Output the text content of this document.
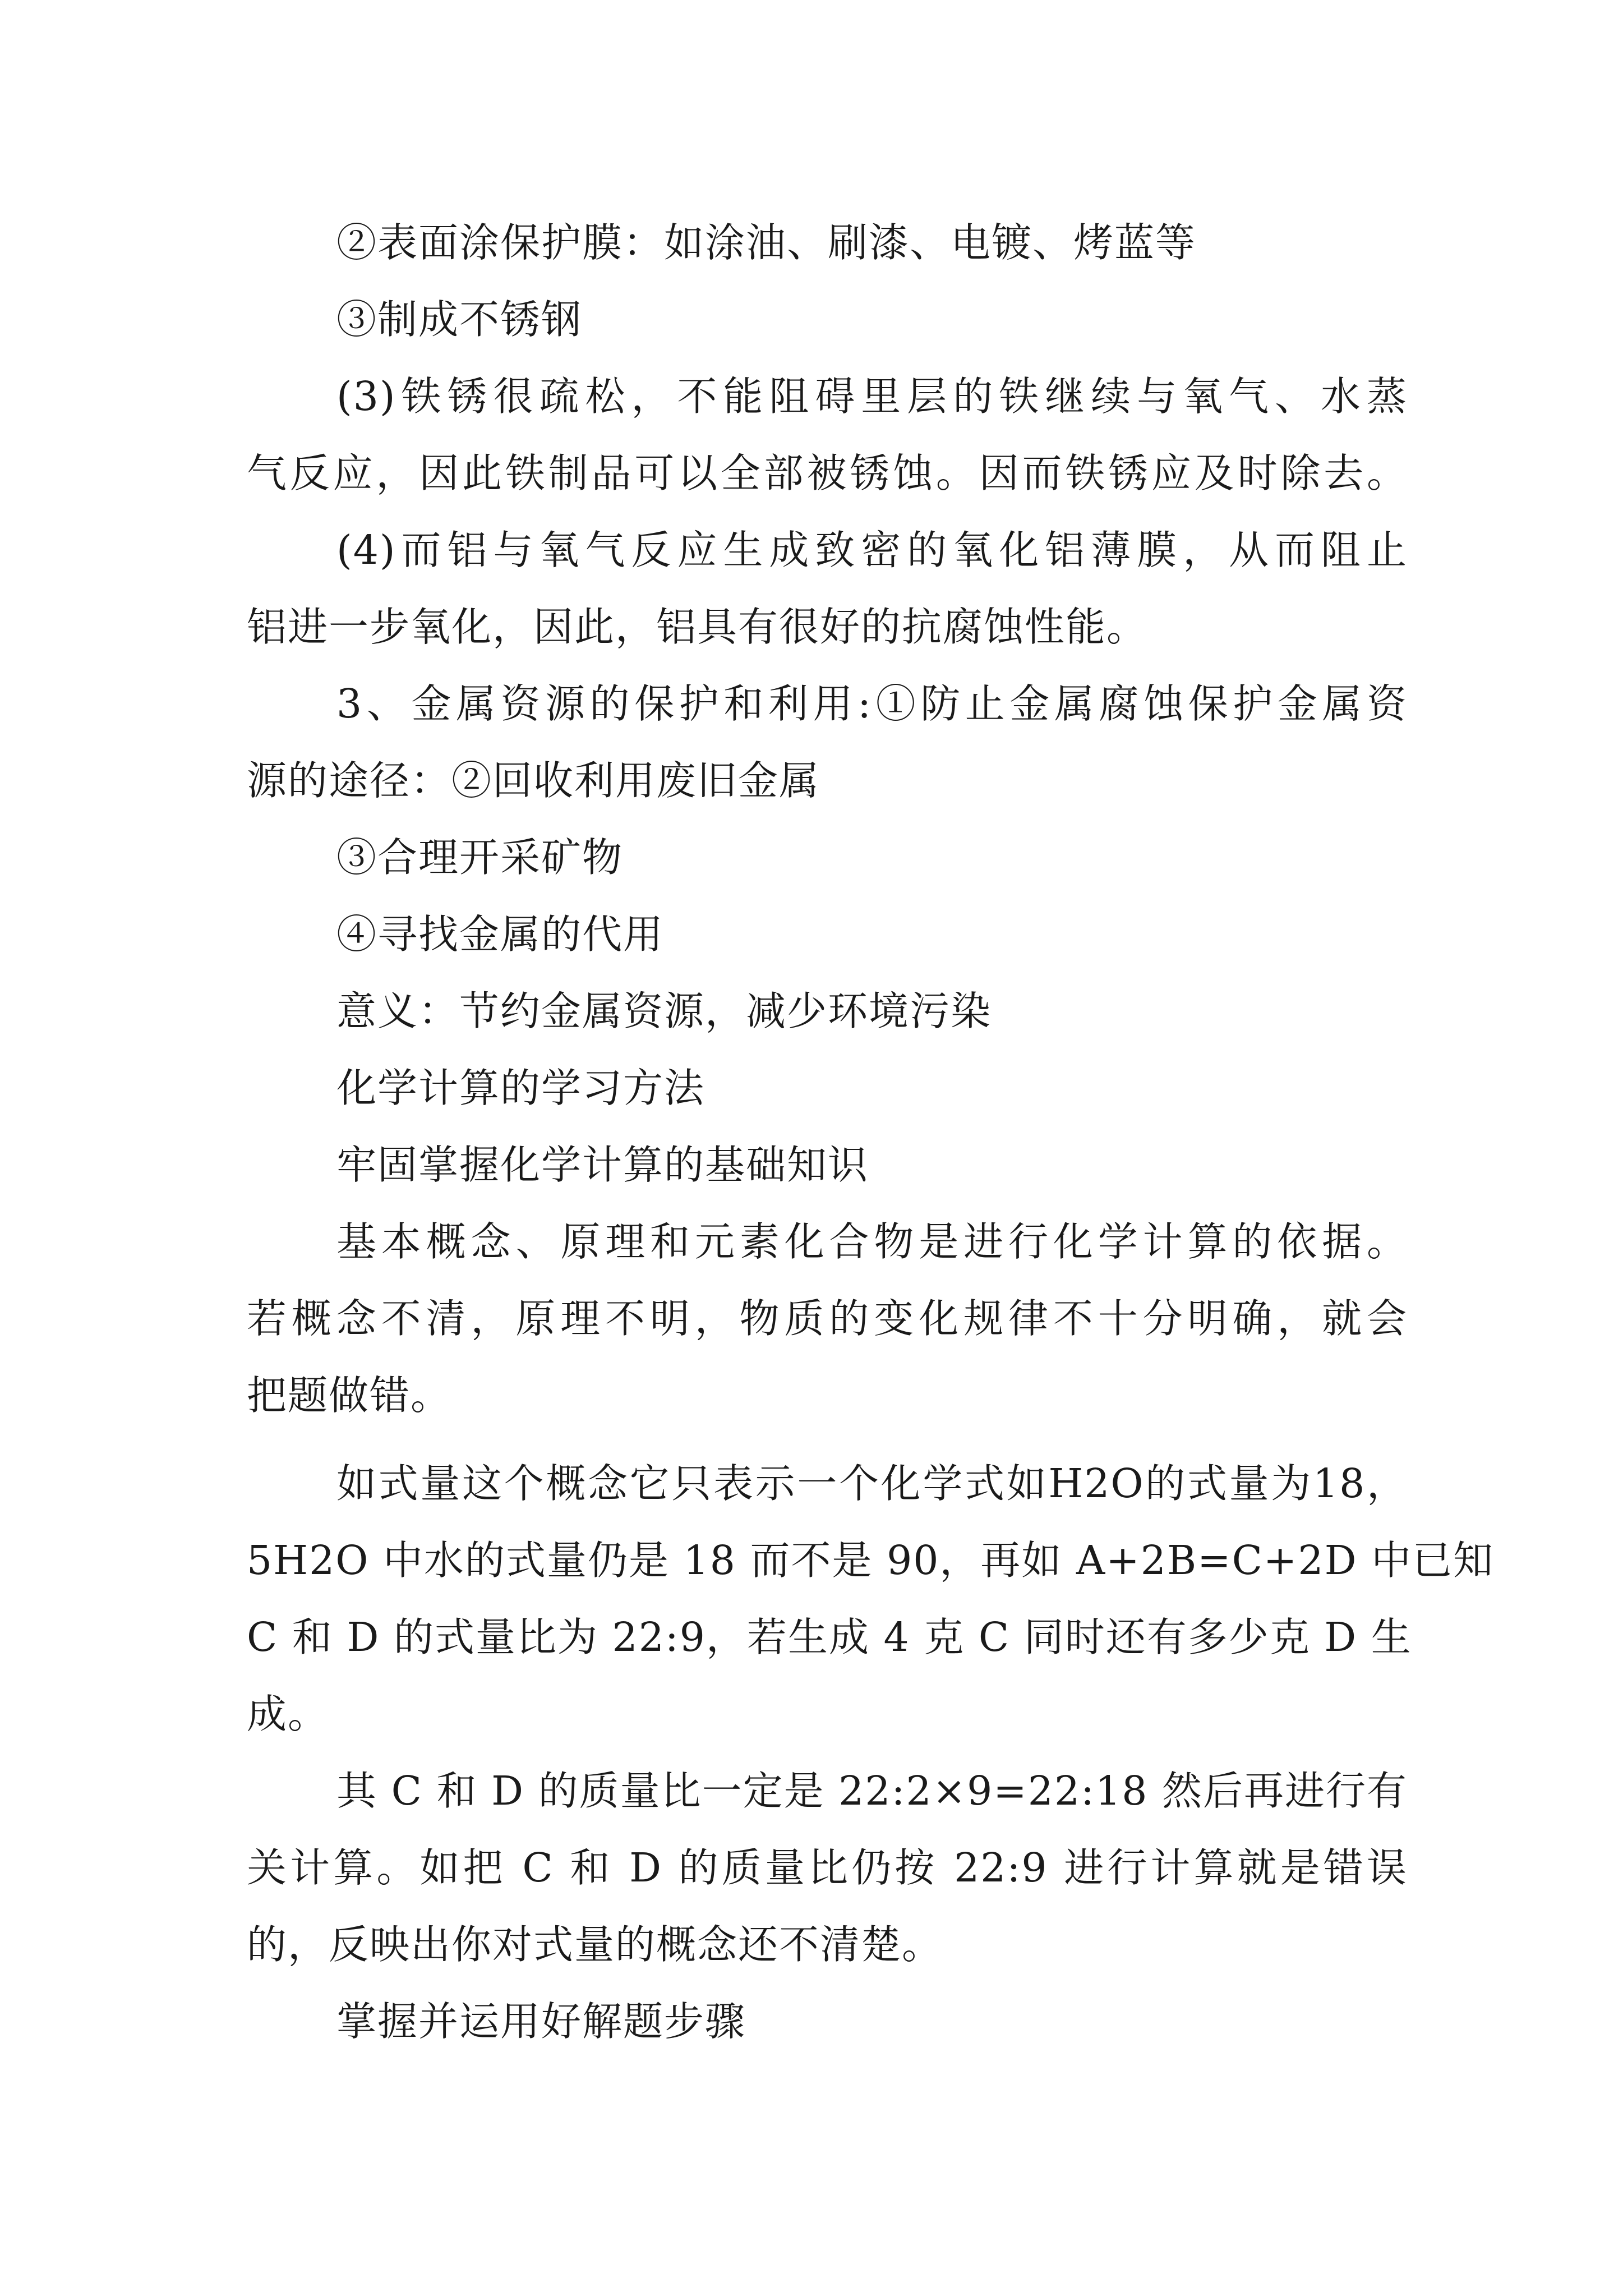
②表面涂保护膜：如涂油、刷漆、电镀、烤蓝等
③制成不锈钢
(3)铁锈很疏松，不能阻碍里层的铁继续与氧气、水蒸
气反应，因此铁制品可以全部被锈蚀。因而铁锈应及时除去。
(4)而铝与氧气反应生成致密的氧化铝薄膜，从而阻止
铝进一步氧化，因此，铝具有很好的抗腐蚀性能。
3、金属资源的保护和利用:①防止金属腐蚀保护金属资
源的途径：②回收利用废旧金属
③合理开采矿物
④寻找金属的代用
意义：节约金属资源，减少环境污染
化学计算的学习方法
牢固掌握化学计算的基础知识
基本概念、原理和元素化合物是进行化学计算的依据。
若概念不清，原理不明，物质的变化规律不十分明确，就会
把题做错。
如式量这个概念它只表示一个化学式如H2O的式量为18，
5H2O 中水的式量仍是 18 而不是 90，再如 A+2B=C+2D 中已知
C 和 D 的式量比为 22:9，若生成 4 克 C 同时还有多少克 D 生
成。
其 C 和 D 的质量比一定是 22:2×9=22:18 然后再进行有
关计算。如把 C 和 D 的质量比仍按 22:9 进行计算就是错误
的，反映出你对式量的概念还不清楚。
掌握并运用好解题步骤
